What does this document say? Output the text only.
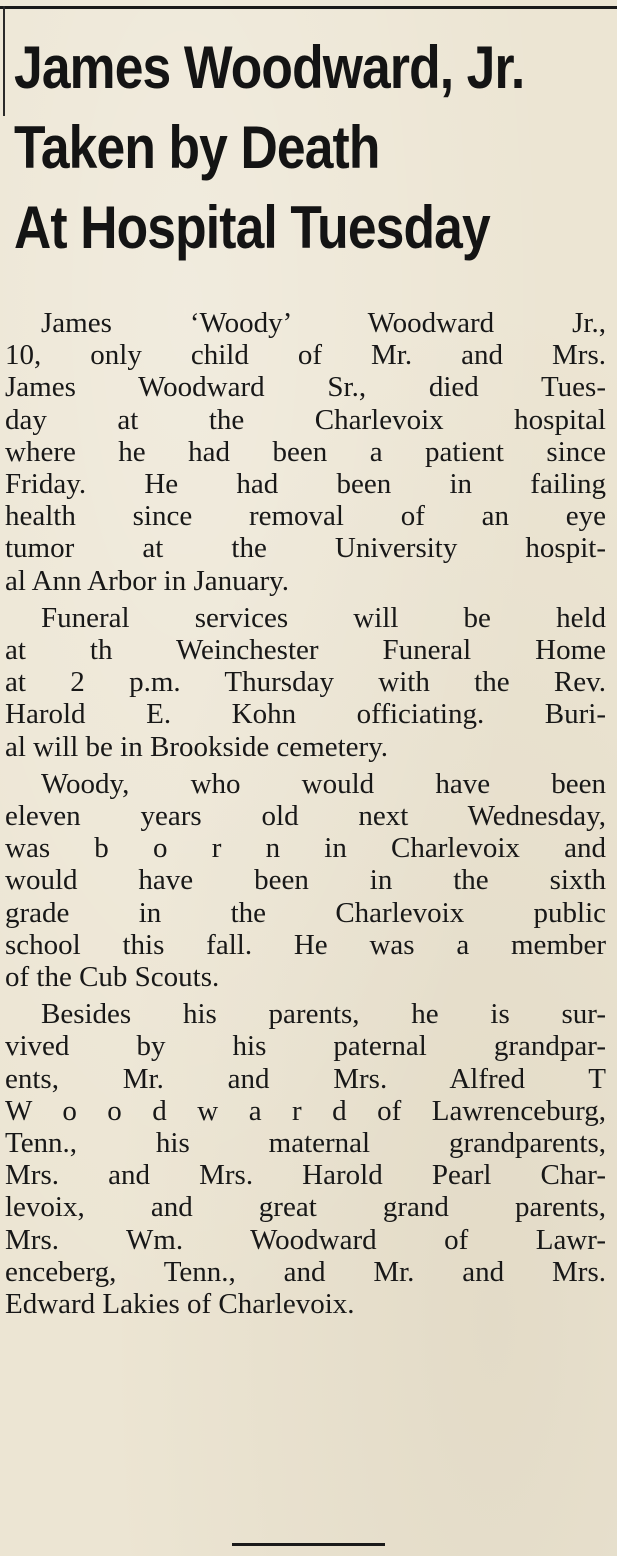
James Woodward, Jr.
Taken by Death
At Hospital Tuesday
James ‘Woody’ Woodward Jr.,
10, only child of Mr. and Mrs.
James Woodward Sr., died Tues-
day at the Charlevoix hospital
where he had been a patient since
Friday. He had been in failing
health since removal of an eye
tumor at the University hospit-
al Ann Arbor in January.
Funeral services will be held
at th Weinchester Funeral Home
at 2 p.m. Thursday with the Rev.
Harold E. Kohn officiating. Buri-
al will be in Brookside cemetery.
Woody, who would have been
eleven years old next Wednesday,
was b o r n in Charlevoix and
would have been in the sixth
grade in the Charlevoix public
school this fall. He was a member
of the Cub Scouts.
Besides his parents, he is sur-
vived by his paternal grandpar-
ents, Mr. and Mrs. Alfred T
W o o d w a r d of Lawrenceburg,
Tenn., his maternal grandparents,
Mrs. and Mrs. Harold Pearl Char-
levoix, and great grand parents,
Mrs. Wm. Woodward of Lawr-
enceberg, Tenn., and Mr. and Mrs.
Edward Lakies of Charlevoix.
